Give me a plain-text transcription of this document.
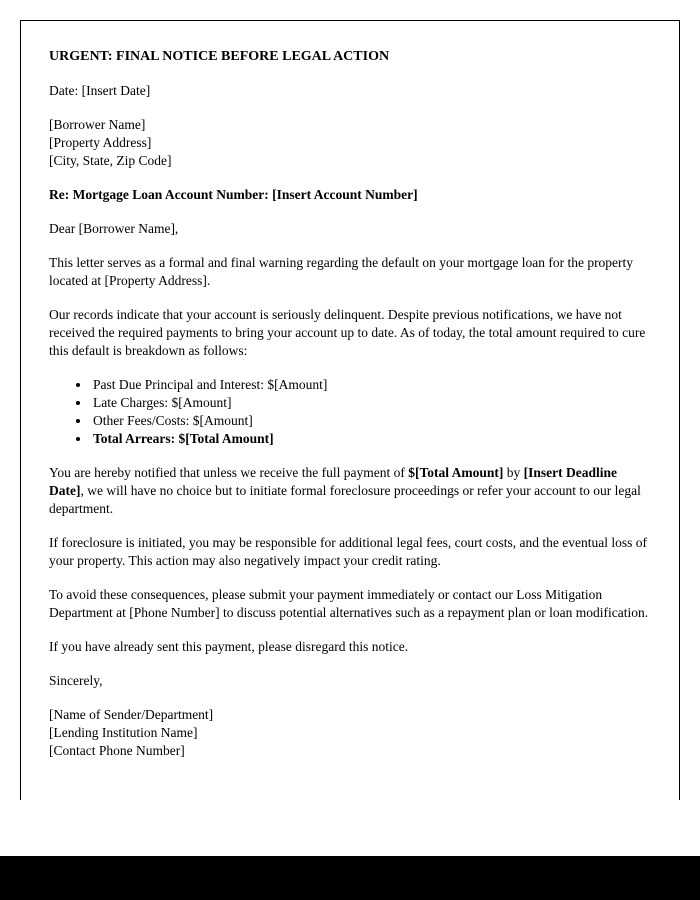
URGENT: FINAL NOTICE BEFORE LEGAL ACTION

Date: [Insert Date]

[Borrower Name]
[Property Address]
[City, State, Zip Code]

Re: Mortgage Loan Account Number: [Insert Account Number]

Dear [Borrower Name],

This letter serves as a formal and final warning regarding the default on your mortgage loan for the property located at [Property Address].

Our records indicate that your account is seriously delinquent. Despite previous notifications, we have not received the required payments to bring your account up to date. As of today, the total amount required to cure this default is breakdown as follows:

• Past Due Principal and Interest: $[Amount]
• Late Charges: $[Amount]
• Other Fees/Costs: $[Amount]
• Total Arrears: $[Total Amount]

You are hereby notified that unless we receive the full payment of $[Total Amount] by [Insert Deadline Date], we will have no choice but to initiate formal foreclosure proceedings or refer your account to our legal department.

If foreclosure is initiated, you may be responsible for additional legal fees, court costs, and the eventual loss of your property. This action may also negatively impact your credit rating.

To avoid these consequences, please submit your payment immediately or contact our Loss Mitigation Department at [Phone Number] to discuss potential alternatives such as a repayment plan or loan modification.

If you have already sent this payment, please disregard this notice.

Sincerely,

[Name of Sender/Department]
[Lending Institution Name]
[Contact Phone Number]
